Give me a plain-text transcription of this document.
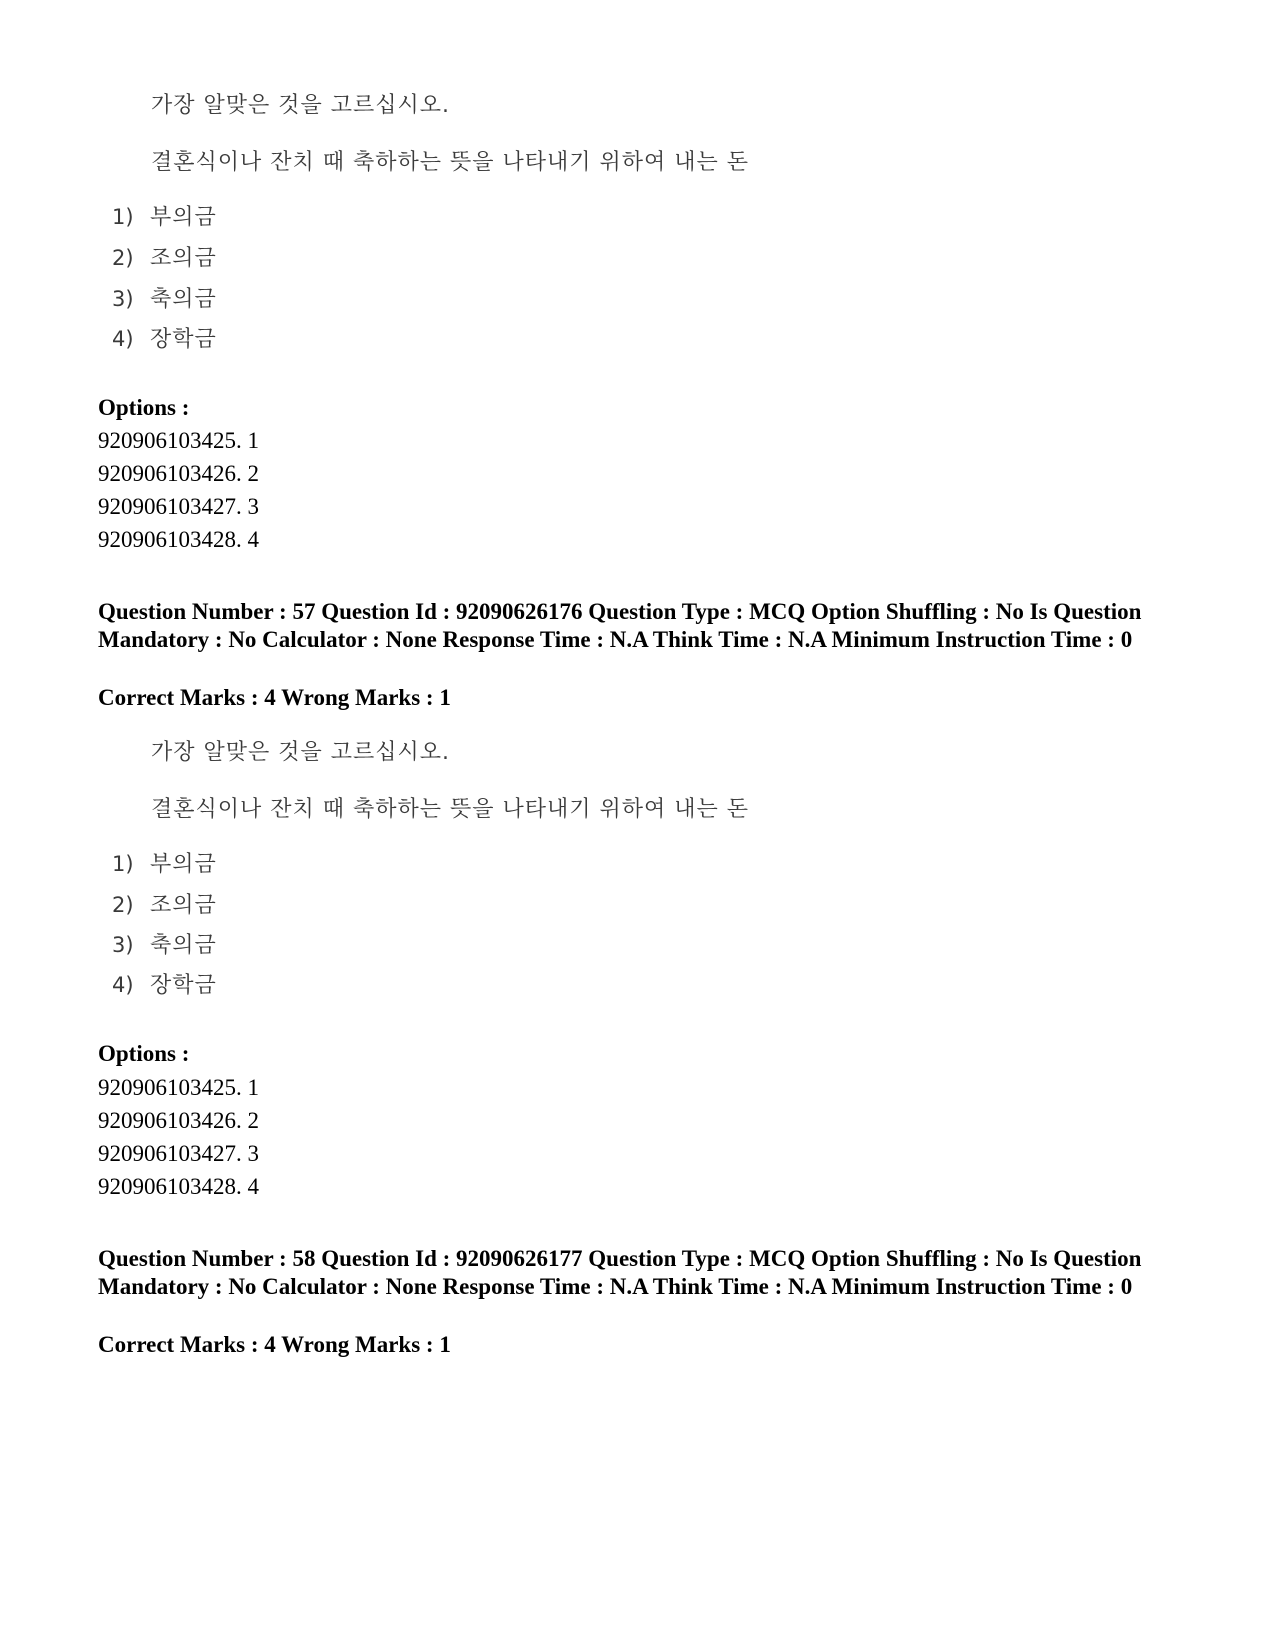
가장 알맞은 것을 고르십시오.
결혼식이나 잔치 때 축하하는 뜻을 나타내기 위하여 내는 돈
1) 부의금
2) 조의금
3) 축의금
4) 장학금
Options :
920906103425. 1
920906103426. 2
920906103427. 3
920906103428. 4
Question Number : 57 Question Id : 92090626176 Question Type : MCQ Option Shuffling : No Is Question Mandatory : No Calculator : None Response Time : N.A Think Time : N.A Minimum Instruction Time : 0
Correct Marks : 4 Wrong Marks : 1
가장 알맞은 것을 고르십시오.
결혼식이나 잔치 때 축하하는 뜻을 나타내기 위하여 내는 돈
1) 부의금
2) 조의금
3) 축의금
4) 장학금
Options :
920906103425. 1
920906103426. 2
920906103427. 3
920906103428. 4
Question Number : 58 Question Id : 92090626177 Question Type : MCQ Option Shuffling : No Is Question Mandatory : No Calculator : None Response Time : N.A Think Time : N.A Minimum Instruction Time : 0
Correct Marks : 4 Wrong Marks : 1
